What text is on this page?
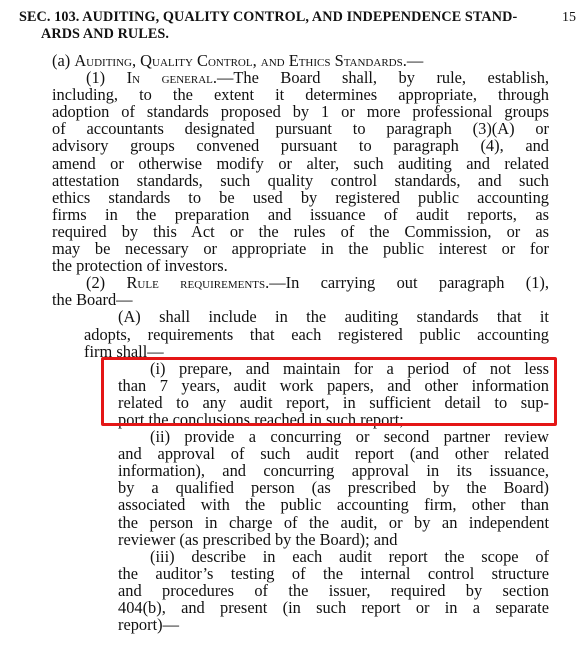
SEC. 103. AUDITING, QUALITY CONTROL, AND INDEPENDENCE STAND-
ARDS AND RULES.
15
(a) Auditing, Quality Control, and Ethics Standards.—
(1) In general.—The Board shall, by rule, establish,
including, to the extent it determines appropriate, through
adoption of standards proposed by 1 or more professional groups
of accountants designated pursuant to paragraph (3)(A) or
advisory groups convened pursuant to paragraph (4), and
amend or otherwise modify or alter, such auditing and related
attestation standards, such quality control standards, and such
ethics standards to be used by registered public accounting
firms in the preparation and issuance of audit reports, as
required by this Act or the rules of the Commission, or as
may be necessary or appropriate in the public interest or for
the protection of investors.
(2) Rule requirements.—In carrying out paragraph (1),
the Board—
(A) shall include in the auditing standards that it
adopts, requirements that each registered public accounting
firm shall—
(i) prepare, and maintain for a period of not less
than 7 years, audit work papers, and other information
related to any audit report, in sufficient detail to sup-
port the conclusions reached in such report;
(ii) provide a concurring or second partner review
and approval of such audit report (and other related
information), and concurring approval in its issuance,
by a qualified person (as prescribed by the Board)
associated with the public accounting firm, other than
the person in charge of the audit, or by an independent
reviewer (as prescribed by the Board); and
(iii) describe in each audit report the scope of
the auditor’s testing of the internal control structure
and procedures of the issuer, required by section
404(b), and present (in such report or in a separate
report)—
